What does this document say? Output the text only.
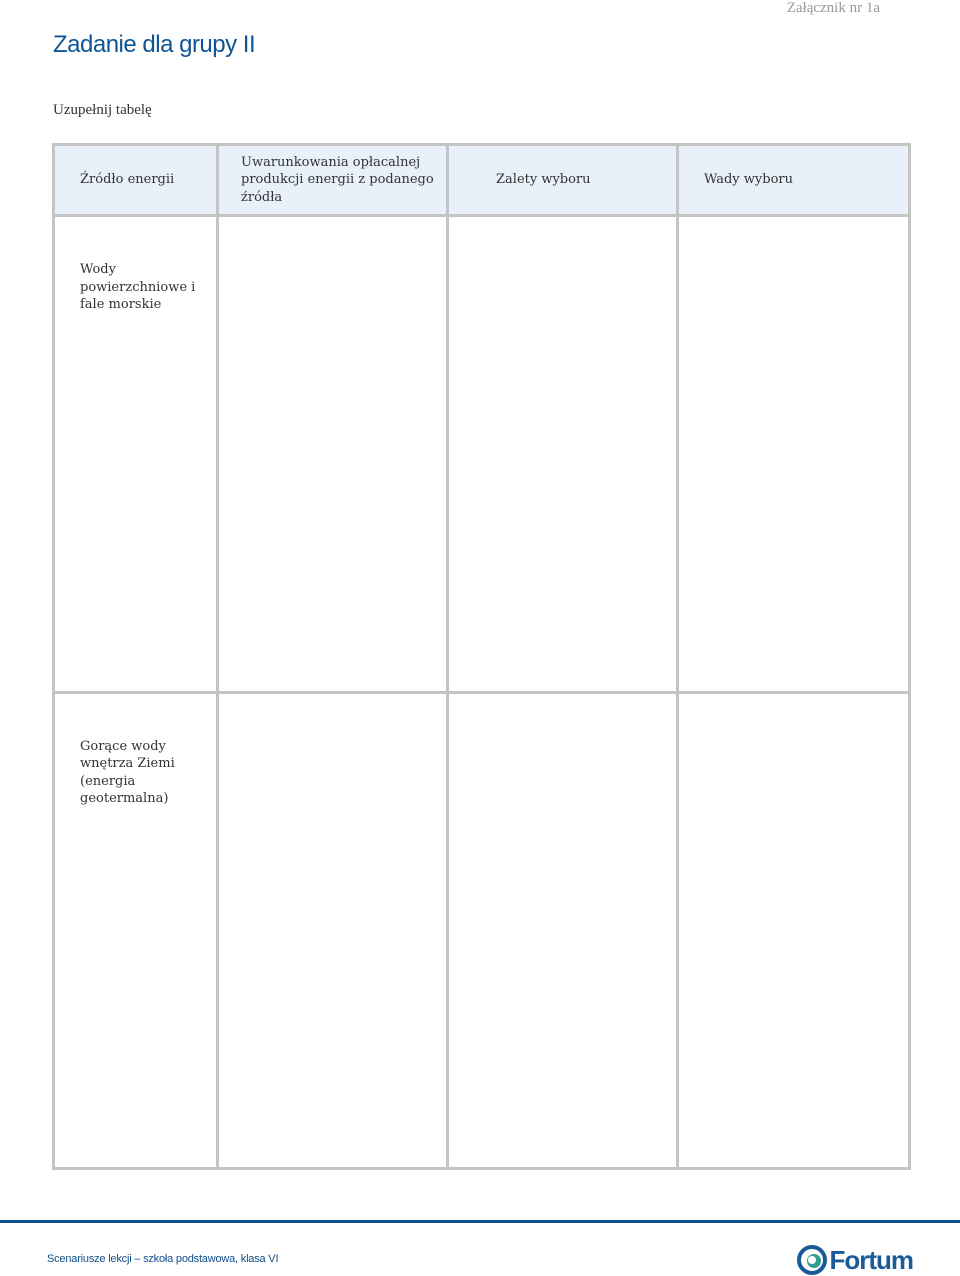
Załącznik nr 1a
Zadanie dla grupy II
Uzupełnij tabelę
Źródło energii	Uwarunkowania opłacalnej produkcji energii z podanego źródła	Zalety wyboru	Wady wyboru

Wody powierzchniowe i fale morskie			

Gorące wody wnętrza Ziemi (energia geotermalna)			

Scenariusze lekcji – szkoła podstawowa, klasa VI	Fortum
